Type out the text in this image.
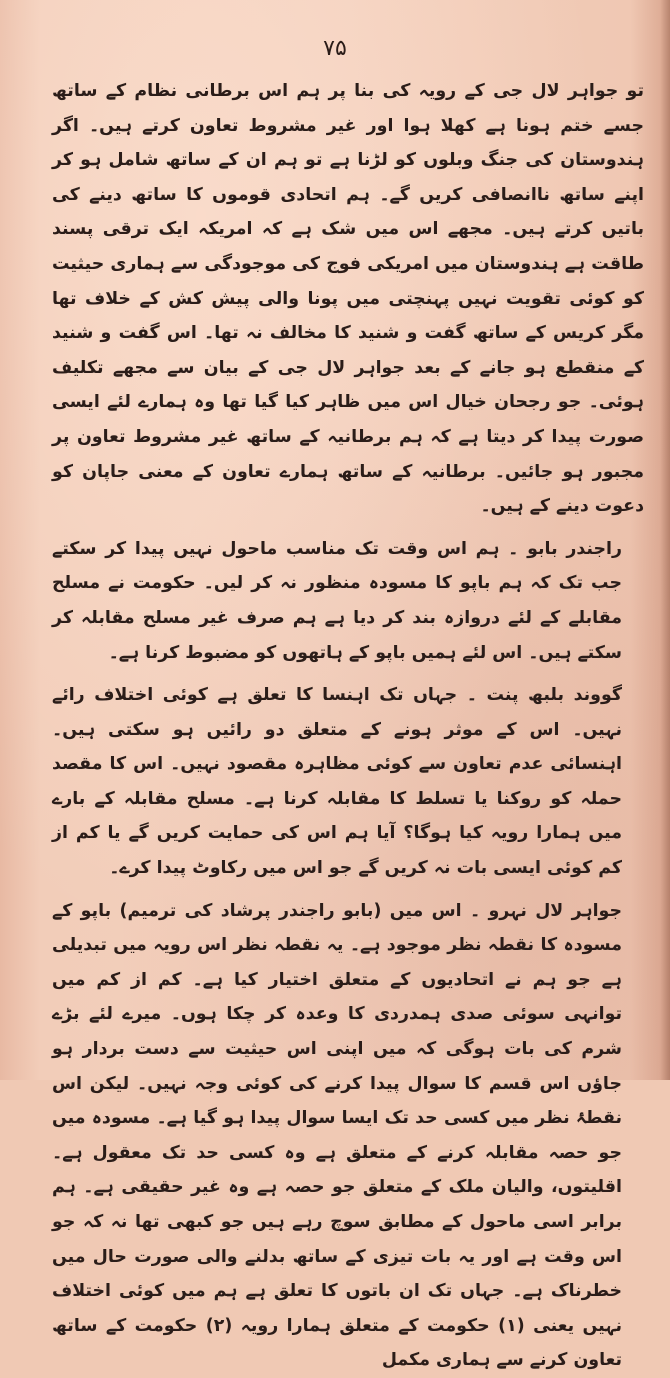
۷۵

تو جواہر لال جی کے رویہ کی بنا پر ہم اس برطانی نظام کے ساتھ جسے ختم ہونا ہے کھلا ہوا اور غیر مشروط تعاون کرتے ہیں۔ اگر ہندوستان کی جنگ وبلوں کو لڑنا ہے تو ہم ان کے ساتھ شامل ہو کر اپنے ساتھ ناانصافی کریں گے۔ ہم اتحادی قوموں کا ساتھ دینے کی باتیں کرتے ہیں۔ مجھے اس میں شک ہے کہ امریکہ ایک ترقی پسند طاقت ہے ہندوستان میں امریکی فوج کی موجودگی سے ہماری حیثیت کو کوئی تقویت نہیں پہنچتی میں پونا والی پیش کش کے خلاف تھا مگر کریس کے ساتھ گفت و شنید کا مخالف نہ تھا۔ اس گفت و شنید کے منقطع ہو جانے کے بعد جواہر لال جی کے بیان سے مجھے تکلیف ہوئی۔ جو رجحان خیال اس میں ظاہر کیا گیا تھا وہ ہمارے لئے ایسی صورت پیدا کر دیتا ہے کہ ہم برطانیہ کے ساتھ غیر مشروط تعاون پر مجبور ہو جائیں۔ برطانیہ کے ساتھ ہمارے تعاون کے معنی جاپان کو دعوت دینے کے ہیں۔

راجندر بابو ۔ ہم اس وقت تک مناسب ماحول نہیں پیدا کر سکتے جب تک کہ ہم باپو کا مسودہ منظور نہ کر لیں۔ حکومت نے مسلح مقابلے کے لئے دروازہ بند کر دیا ہے ہم صرف غیر مسلح مقابلہ کر سکتے ہیں۔ اس لئے ہمیں باپو کے ہاتھوں کو مضبوط کرنا ہے۔

گووند بلبھ پنت ۔ جہاں تک اہنسا کا تعلق ہے کوئی اختلاف رائے نہیں۔ اس کے موثر ہونے کے متعلق دو رائیں ہو سکتی ہیں۔ اہنسائی عدم تعاون سے کوئی مظاہرہ مقصود نہیں۔ اس کا مقصد حملہ کو روکنا یا تسلط کا مقابلہ کرنا ہے۔ مسلح مقابلہ کے بارے میں ہمارا رویہ کیا ہوگا؟ آیا ہم اس کی حمایت کریں گے یا کم از کم کوئی ایسی بات نہ کریں گے جو اس میں رکاوٹ پیدا کرے۔

جواہر لال نہرو ۔ اس میں (بابو راجندر پرشاد کی ترمیم) باپو کے مسودہ کا نقطہ نظر موجود ہے۔ یہ نقطہ نظر اس رویہ میں تبدیلی ہے جو ہم نے اتحادیوں کے متعلق اختیار کیا ہے۔ کم از کم میں توانہی سوئی صدی ہمدردی کا وعدہ کر چکا ہوں۔ میرے لئے بڑے شرم کی بات ہوگی کہ میں اپنی اس حیثیت سے دست بردار ہو جاؤں اس قسم کا سوال پیدا کرنے کی کوئی وجہ نہیں۔ لیکن اس نقطۂ نظر میں کسی حد تک ایسا سوال پیدا ہو گیا ہے۔ مسودہ میں جو حصہ مقابلہ کرنے کے متعلق ہے وہ کسی حد تک معقول ہے۔ اقلیتوں، والیان ملک کے متعلق جو حصہ ہے وہ غیر حقیقی ہے۔ ہم برابر اسی ماحول کے مطابق سوچ رہے ہیں جو کبھی تھا نہ کہ جو اس وقت ہے اور یہ بات تیزی کے ساتھ بدلنے والی صورت حال میں خطرناک ہے۔ جہاں تک ان باتوں کا تعلق ہے ہم میں کوئی اختلاف نہیں یعنی (۱) حکومت کے متعلق ہمارا رویہ (۲) حکومت کے ساتھ تعاون کرنے سے ہماری مکمل
